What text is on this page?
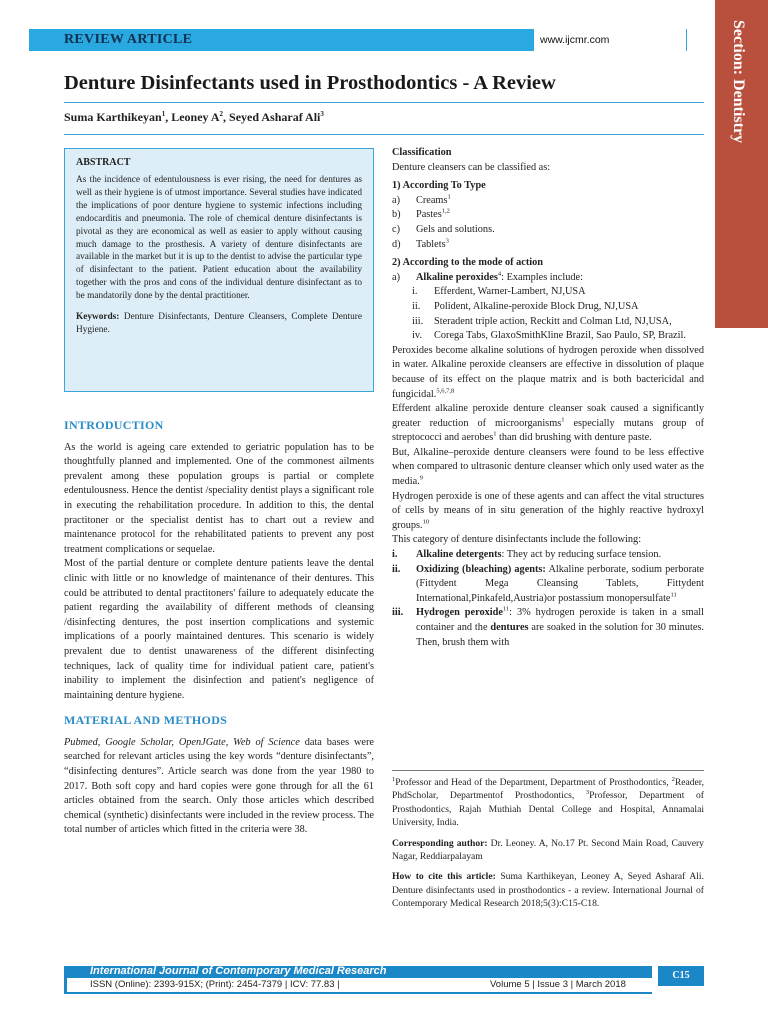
REVIEW ARTICLE	www.ijcmr.com	Section: Dentistry
Denture Disinfectants used in Prosthodontics - A Review
Suma Karthikeyan$^1$, Leoney $A^2$, Seyed Asharaf Ali$^3$
ABSTRACT
As the incidence of edentulousness is ever rising, the need for dentures as well as their hygiene is of utmost importance. Several studies have indicated the implications of poor denture hygiene to systemic infections including endocarditis and pneumonia. The role of chemical denture disinfectants is pivotal as they are economical as well as easier to apply without causing much damage to the prosthesis. A variety of denture disinfectants are available in the market but it is up to the dentist to advise the particular type of disinfectant to the patient. Patient education about the availability together with the pros and cons of the individual denture disinfectant as to be mandatorily done by the dental practitioner.
Keywords: Denture Disinfectants, Denture Cleansers, Complete Denture Hygiene.
INTRODUCTION

As the world is ageing care extended to geriatric population has to be thoughtfully planned and implemented. One of the commonest ailments prevalent among these population groups is partial or complete edentulousness. Hence the dentist /speciality dentist plays a significant role in executing the rehabilitation procedure. In addition to this, the dental practitoner or the specialist dentist has to chart out a review and maintenance protocol for the rehabilitated patients to prevent any post treatment complications or sequelae.

Most of the partial denture or complete denture patients leave the dental clinic with little or no knowledge of maintenance of their dentures. This could be attributed to dental practitoners' failure to adequately educate the patient regarding the availability of different methods of cleansing /disinfecting dentures, the post insertion complications and systemic implications of a poorly maintained dentures. This scenario is widely prevalent due to dentist unawareness of the different disinfecting techniques, lack of quality time for individual patient care, patient's inability to implement the disinfection and patient's negligence of maintaining denture hygiene.

MATERIAL AND METHODS

Pubmed, Google Scholar, OpenJGate, Web of Science data bases were searched for relevant articles using the key words “denture disinfectants”, “disinfecting dentures”. Article search was done from the year 1980 to 2017. Both soft copy and hard copies were gone through for all the 61 articles obtained from the search. Only those articles which described chemical (synthetic) disinfectants were included in the review process. The total number of articles which fitted in the criteria were 38.

Classification

Denture cleansers can be classified as:

1) According To Type
a) Creams$^1$
b) Pastes$^{1,2}$
c) Gels and solutions.
d) Tablets$^3$
2) According to the mode of action
a) Alkaline peroxides$^4$: Examples include:
i. Efferdent, Warner-Lambert, NJ,USA
ii. Polident, Alkaline-peroxide Block Drug, NJ,USA
iii. Steradent triple action, Reckitt and Colman Ltd, NJ,USA,
iv. Corega Tabs, GlaxoSmithKline Brazil, Sao Paulo, SP, Brazil.

Peroxides become alkaline solutions of hydrogen peroxide when dissolved in water. Alkaline peroxide cleansers are effective in dissolution of plaque because of its effect on the plaque matrix and is both bactericidal and fungicidal.$^{5,6,7,8}$

Efferdent alkaline peroxide denture cleanser soak caused a significantly greater reduction of microorganisms$^1$ especially mutans group of streptococci and aerobes$^1$ than did brushing with denture paste.

But, Alkaline–peroxide denture cleansers were found to be less effective when compared to ultrasonic denture cleanser which only used water as the media.$^9$

Hydrogen peroxide is one of these agents and can affect the vital structures of cells by means of in situ generation of the highly reactive hydroxyl groups.$^{10}$

This category of denture disinfectants include the following:

i. Alkaline detergents: They act by reducing surface tension.
ii. Oxidizing (bleaching) agents: Alkaline perborate, sodium perborate (Fittydent Mega Cleansing Tablets, Fittydent International,Pinkafeld,Austria)or postassium monopersulfate$^{11}$
iii. Hydrogen peroxide$^{11}$: 3% hydrogen peroxide is taken in a small container and the dentures are soaked in the solution for 30 minutes. Then, brush them with

$^1$Professor and Head of the Department, Department of Prosthodontics, $^2$Reader, PhdScholar, Departmentof Prosthodontics, $^3$Professor, Department of Prosthodontics, Rajah Muthiah Dental College and Hospital, Annamalai University, India.

Corresponding author: Dr. Leoney. A, No.17 Pt. Second Main Road, Cauvery Nagar, Reddiarpalayam

How to cite this article: Suma Karthikeyan, Leoney A, Seyed Asharaf Ali. Denture disinfectants used in prosthodontics - a review. International Journal of Contemporary Medical Research 2018;5(3):C15-C18.

International Journal of Contemporary Medical Research
ISSN (Online): 2393-915X; (Print): 2454-7379 | ICV: 77.83 |	Volume 5 | Issue 3 | March 2018
C15
